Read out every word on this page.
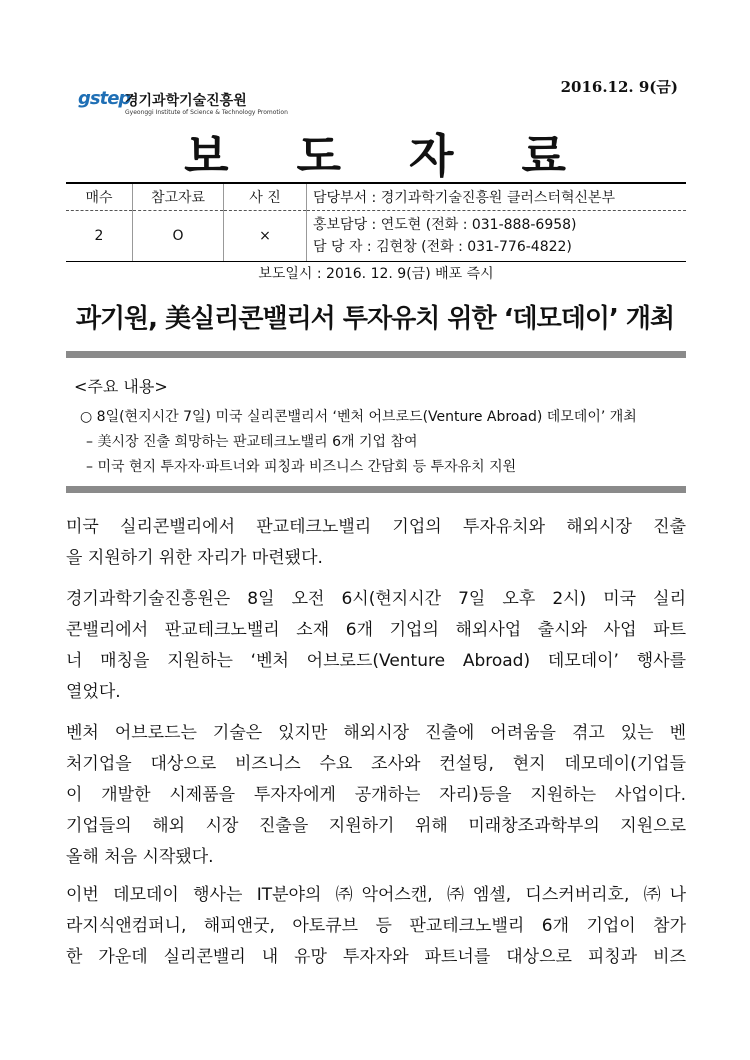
2016.12. 9(금)
gstep
경기과학기술진흥원
Gyeonggi Institute of Science & Technology Promotion
보 도 자 료
매수	참고자료	사 진	담당부서 : 경기과학기술진흥원 클러스터혁신본부
2	O	×	홍보담당 : 연도현 (전화 : 031-888-6958)
담 당 자 : 김현창 (전화 : 031-776-4822)
보도일시 : 2016. 12. 9(금) 배포 즉시
과기원, 美실리콘밸리서 투자유치 위한 ‘데모데이’ 개최
<주요 내용>
○ 8일(현지시간 7일) 미국 실리콘밸리서 ‘벤처 어브로드(Venture Abroad) 데모데이’ 개최
– 美시장 진출 희망하는 판교테크노밸리 6개 기업 참여
– 미국 현지 투자자·파트너와 피칭과 비즈니스 간담회 등 투자유치 지원
미국 실리콘밸리에서 판교테크노밸리 기업의 투자유치와 해외시장 진출
을 지원하기 위한 자리가 마련됐다.
경기과학기술진흥원은 8일 오전 6시(현지시간 7일 오후 2시) 미국 실리
콘밸리에서 판교테크노밸리 소재 6개 기업의 해외사업 출시와 사업 파트
너 매칭을 지원하는 ‘벤처 어브로드(Venture Abroad) 데모데이’ 행사를
열었다.
벤처 어브로드는 기술은 있지만 해외시장 진출에 어려움을 겪고 있는 벤
처기업을 대상으로 비즈니스 수요 조사와 컨설팅, 현지 데모데이(기업들
이 개발한 시제품을 투자자에게 공개하는 자리)등을 지원하는 사업이다.
기업들의 해외 시장 진출을 지원하기 위해 미래창조과학부의 지원으로
올해 처음 시작됐다.
이번 데모데이 행사는 IT분야의 ㈜악어스캔, ㈜엠셀, 디스커버리호, ㈜나
라지식앤컴퍼니, 해피앤굿, 아토큐브 등 판교테크노밸리 6개 기업이 참가
한 가운데 실리콘밸리 내 유망 투자자와 파트너를 대상으로 피칭과 비즈
